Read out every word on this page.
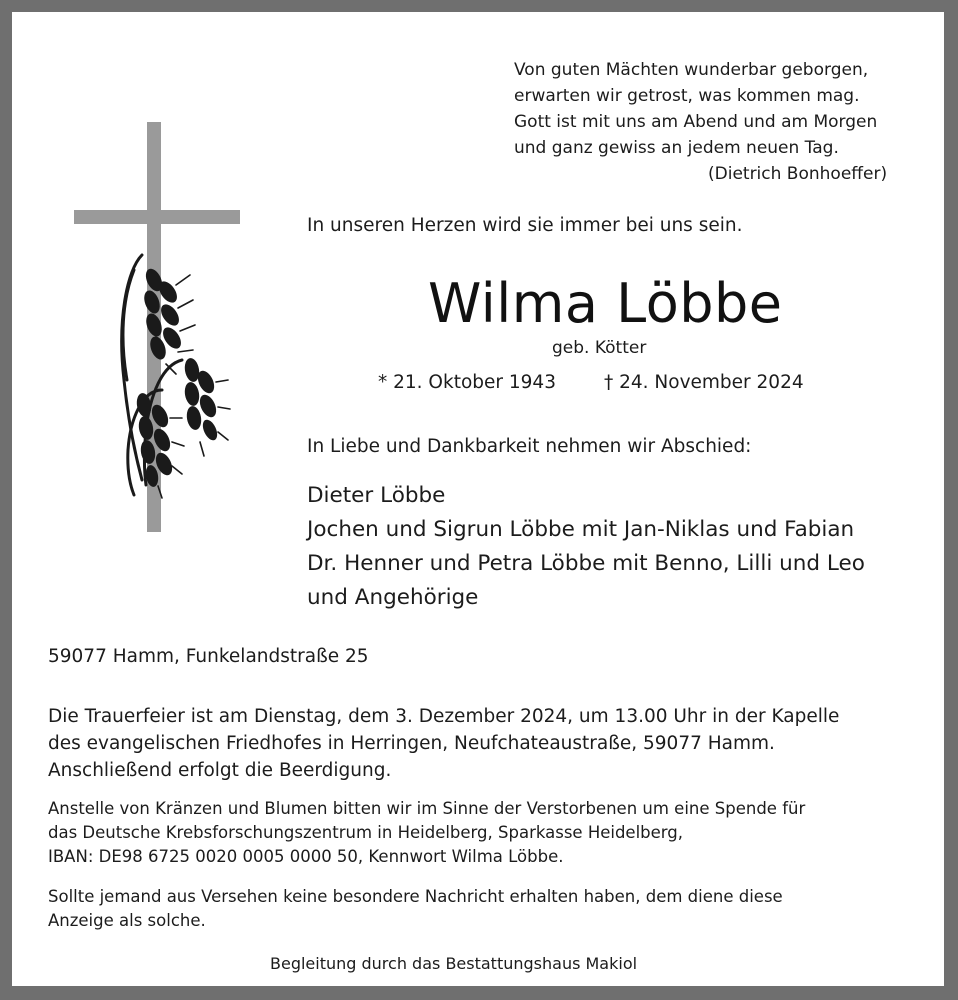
Von guten Mächten wunderbar geborgen,
erwarten wir getrost, was kommen mag.
Gott ist mit uns am Abend und am Morgen
und ganz gewiss an jedem neuen Tag.
(Dietrich Bonhoeffer)
In unseren Herzen wird sie immer bei uns sein.
Wilma Löbbe
geb. Kötter
* 21. Oktober 1943	† 24. November 2024
In Liebe und Dankbarkeit nehmen wir Abschied:
Dieter Löbbe
Jochen und Sigrun Löbbe mit Jan-Niklas und Fabian
Dr. Henner und Petra Löbbe mit Benno, Lilli und Leo
und Angehörige
59077 Hamm, Funkelandstraße 25
Die Trauerfeier ist am Dienstag, dem 3. Dezember 2024, um 13.00 Uhr in der Kapelle
des evangelischen Friedhofes in Herringen, Neufchateaustraße, 59077 Hamm.
Anschließend erfolgt die Beerdigung.
Anstelle von Kränzen und Blumen bitten wir im Sinne der Verstorbenen um eine Spende für
das Deutsche Krebsforschungszentrum in Heidelberg, Sparkasse Heidelberg,
IBAN: DE98 6725 0020 0005 0000 50, Kennwort Wilma Löbbe.
Sollte jemand aus Versehen keine besondere Nachricht erhalten haben, dem diene diese
Anzeige als solche.
Begleitung durch das Bestattungshaus Makiol
